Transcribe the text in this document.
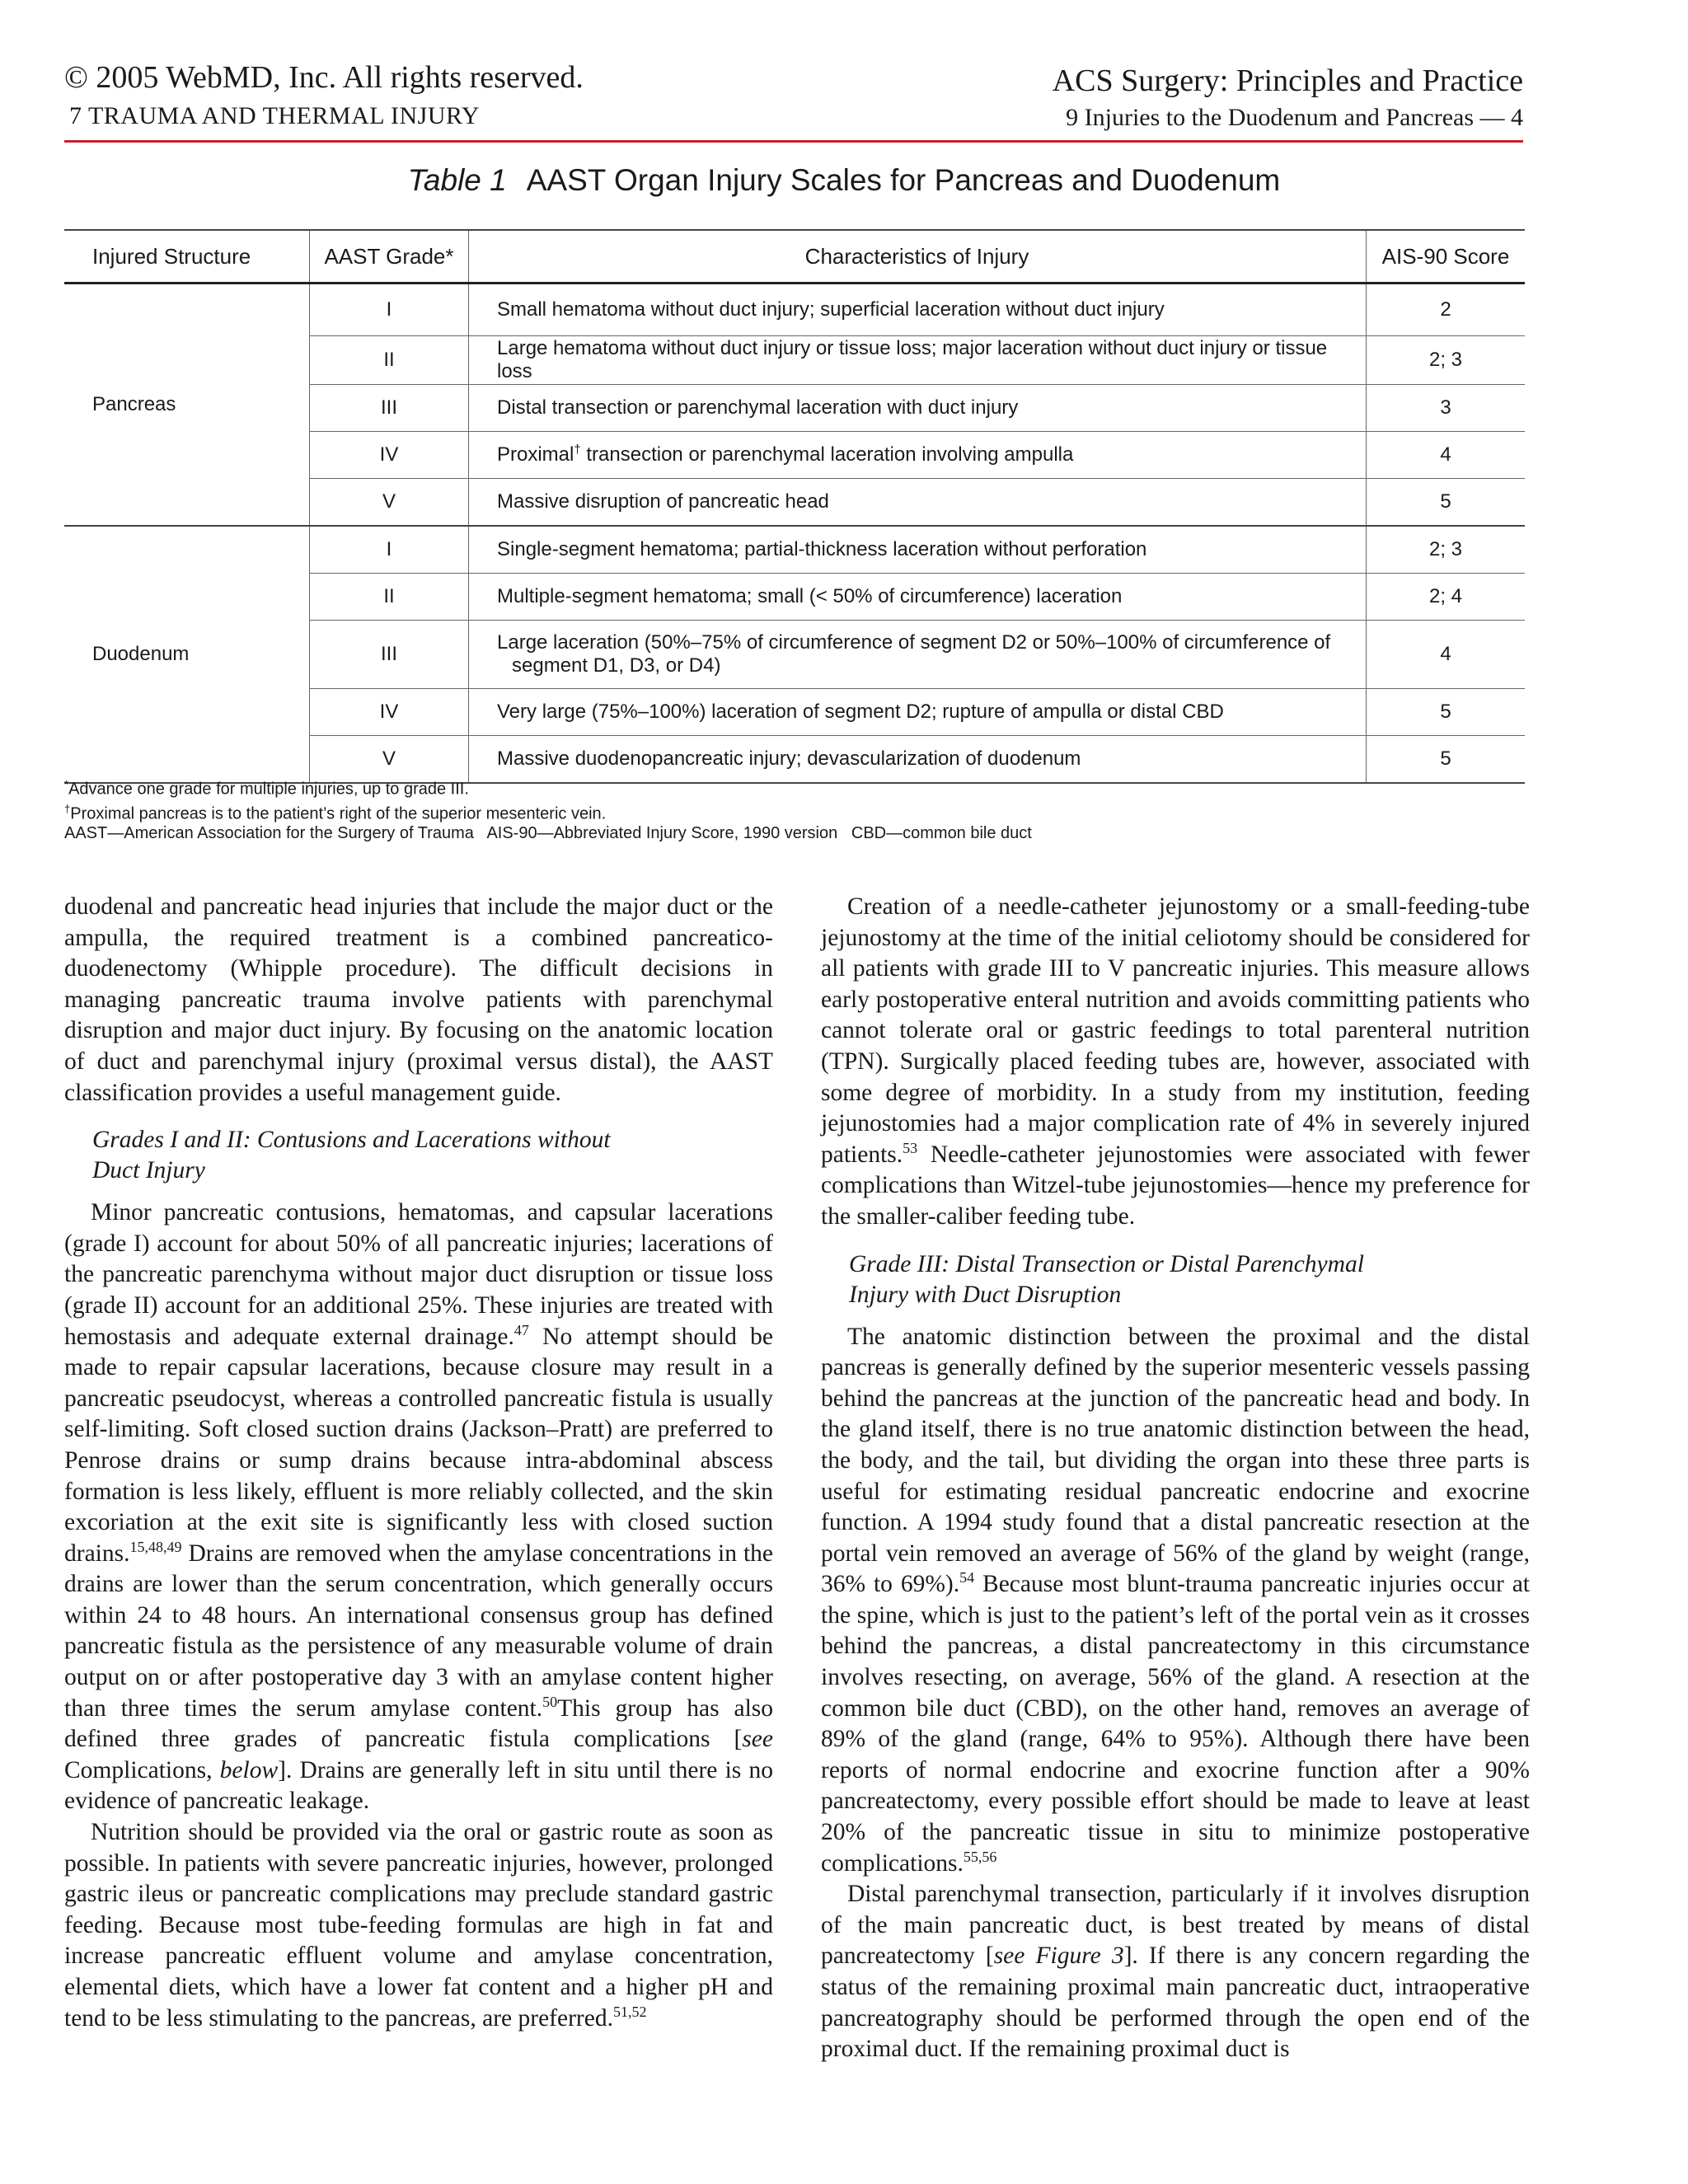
© 2005 WebMD, Inc. All rights reserved.
7 TRAUMA AND THERMAL INJURY
ACS Surgery: Principles and Practice
9 Injuries to the Duodenum and Pancreas — 4
Table 1 AAST Organ Injury Scales for Pancreas and Duodenum
Injured Structure	AAST Grade*	Characteristics of Injury	AIS-90 Score
Pancreas	I	Small hematoma without duct injury; superficial laceration without duct injury	2
	II	Large hematoma without duct injury or tissue loss; major laceration without duct injury or tissue loss	2; 3
	III	Distal transection or parenchymal laceration with duct injury	3
	IV	Proximal† transection or parenchymal laceration involving ampulla	4
	V	Massive disruption of pancreatic head	5
Duodenum	I	Single-segment hematoma; partial-thickness laceration without perforation	2; 3
	II	Multiple-segment hematoma; small (< 50% of circumference) laceration	2; 4
	III	Large laceration (50%–75% of circumference of segment D2 or 50%–100% of circumference of
segment D1, D3, or D4)	4
	IV	Very large (75%–100%) laceration of segment D2; rupture of ampulla or distal CBD	5
	V	Massive duodenopancreatic injury; devascularization of duodenum	5
*Advance one grade for multiple injuries, up to grade III.
†Proximal pancreas is to the patient’s right of the superior mesenteric vein.
AAST—American Association for the Surgery of Trauma   AIS-90—Abbreviated Injury Score, 1990 version   CBD—common bile duct

duodenal and pancreatic head injuries that include the major duct or the ampulla, the required treatment is a combined pancreatico-duodenectomy (Whipple procedure). The difficult decisions in managing pancreatic trauma involve patients with parenchymal disruption and major duct injury. By focusing on the anatomic location of duct and parenchymal injury (proximal versus distal), the AAST classification provides a useful management guide.

Grades I and II: Contusions and Lacerations without
Duct Injury

Minor pancreatic contusions, hematomas, and capsular lacerations (grade I) account for about 50% of all pancreatic injuries; lacerations of the pancreatic parenchyma without major duct disruption or tissue loss (grade II) account for an additional 25%. These injuries are treated with hemostasis and adequate external drainage.$^{47}$ No attempt should be made to repair capsular lacerations, because closure may result in a pancreatic pseudocyst, whereas a controlled pancreatic fistula is usually self-limiting. Soft closed suction drains (Jackson–Pratt) are preferred to Penrose drains or sump drains because intra-abdominal abscess formation is less likely, effluent is more reliably collected, and the skin excoriation at the exit site is significantly less with closed suction drains.$^{15,48,49}$ Drains are removed when the amylase concentrations in the drains are lower than the serum concentration, which generally occurs within 24 to 48 hours. An international consensus group has defined pancreatic fistula as the persistence of any measurable volume of drain output on or after postoperative day 3 with an amylase content higher than three times the serum amylase content.$^{50}$This group has also defined three grades of pancreatic fistula complications [see Complications, below]. Drains are generally left in situ until there is no evidence of pancreatic leakage.

Nutrition should be provided via the oral or gastric route as soon as possible. In patients with severe pancreatic injuries, however, prolonged gastric ileus or pancreatic complications may preclude standard gastric feeding. Because most tube-feeding formulas are high in fat and increase pancreatic effluent volume and amylase concentration, elemental diets, which have a lower fat content and a higher pH and tend to be less stimulating to the pancreas, are preferred.$^{51,52}$

Creation of a needle-catheter jejunostomy or a small-feeding-tube jejunostomy at the time of the initial celiotomy should be considered for all patients with grade III to V pancreatic injuries. This measure allows early postoperative enteral nutrition and avoids committing patients who cannot tolerate oral or gastric feedings to total parenteral nutrition (TPN). Surgically placed feeding tubes are, however, associated with some degree of morbidity. In a study from my institution, feeding jejunostomies had a major complication rate of 4% in severely injured patients.$^{53}$ Needle-catheter jejunostomies were associated with fewer complications than Witzel-tube jejunostomies—hence my preference for the smaller-caliber feeding tube.

Grade III: Distal Transection or Distal Parenchymal
Injury with Duct Disruption

The anatomic distinction between the proximal and the distal pancreas is generally defined by the superior mesenteric vessels passing behind the pancreas at the junction of the pancreatic head and body. In the gland itself, there is no true anatomic distinction between the head, the body, and the tail, but dividing the organ into these three parts is useful for estimating residual pancreatic endocrine and exocrine function. A 1994 study found that a distal pancreatic resection at the portal vein removed an average of 56% of the gland by weight (range, 36% to 69%).$^{54}$ Because most blunt-trauma pancreatic injuries occur at the spine, which is just to the patient’s left of the portal vein as it crosses behind the pancreas, a distal pancreatectomy in this circumstance involves resecting, on average, 56% of the gland. A resection at the common bile duct (CBD), on the other hand, removes an average of 89% of the gland (range, 64% to 95%). Although there have been reports of normal endocrine and exocrine function after a 90% pancreatectomy, every possible effort should be made to leave at least 20% of the pancreatic tissue in situ to minimize postoperative complications.$^{55,56}$

Distal parenchymal transection, particularly if it involves disruption of the main pancreatic duct, is best treated by means of distal pancreatectomy [see Figure 3]. If there is any concern regarding the status of the remaining proximal main pancreatic duct, intraoperative pancreatography should be performed through the open end of the proximal duct. If the remaining proximal duct is
